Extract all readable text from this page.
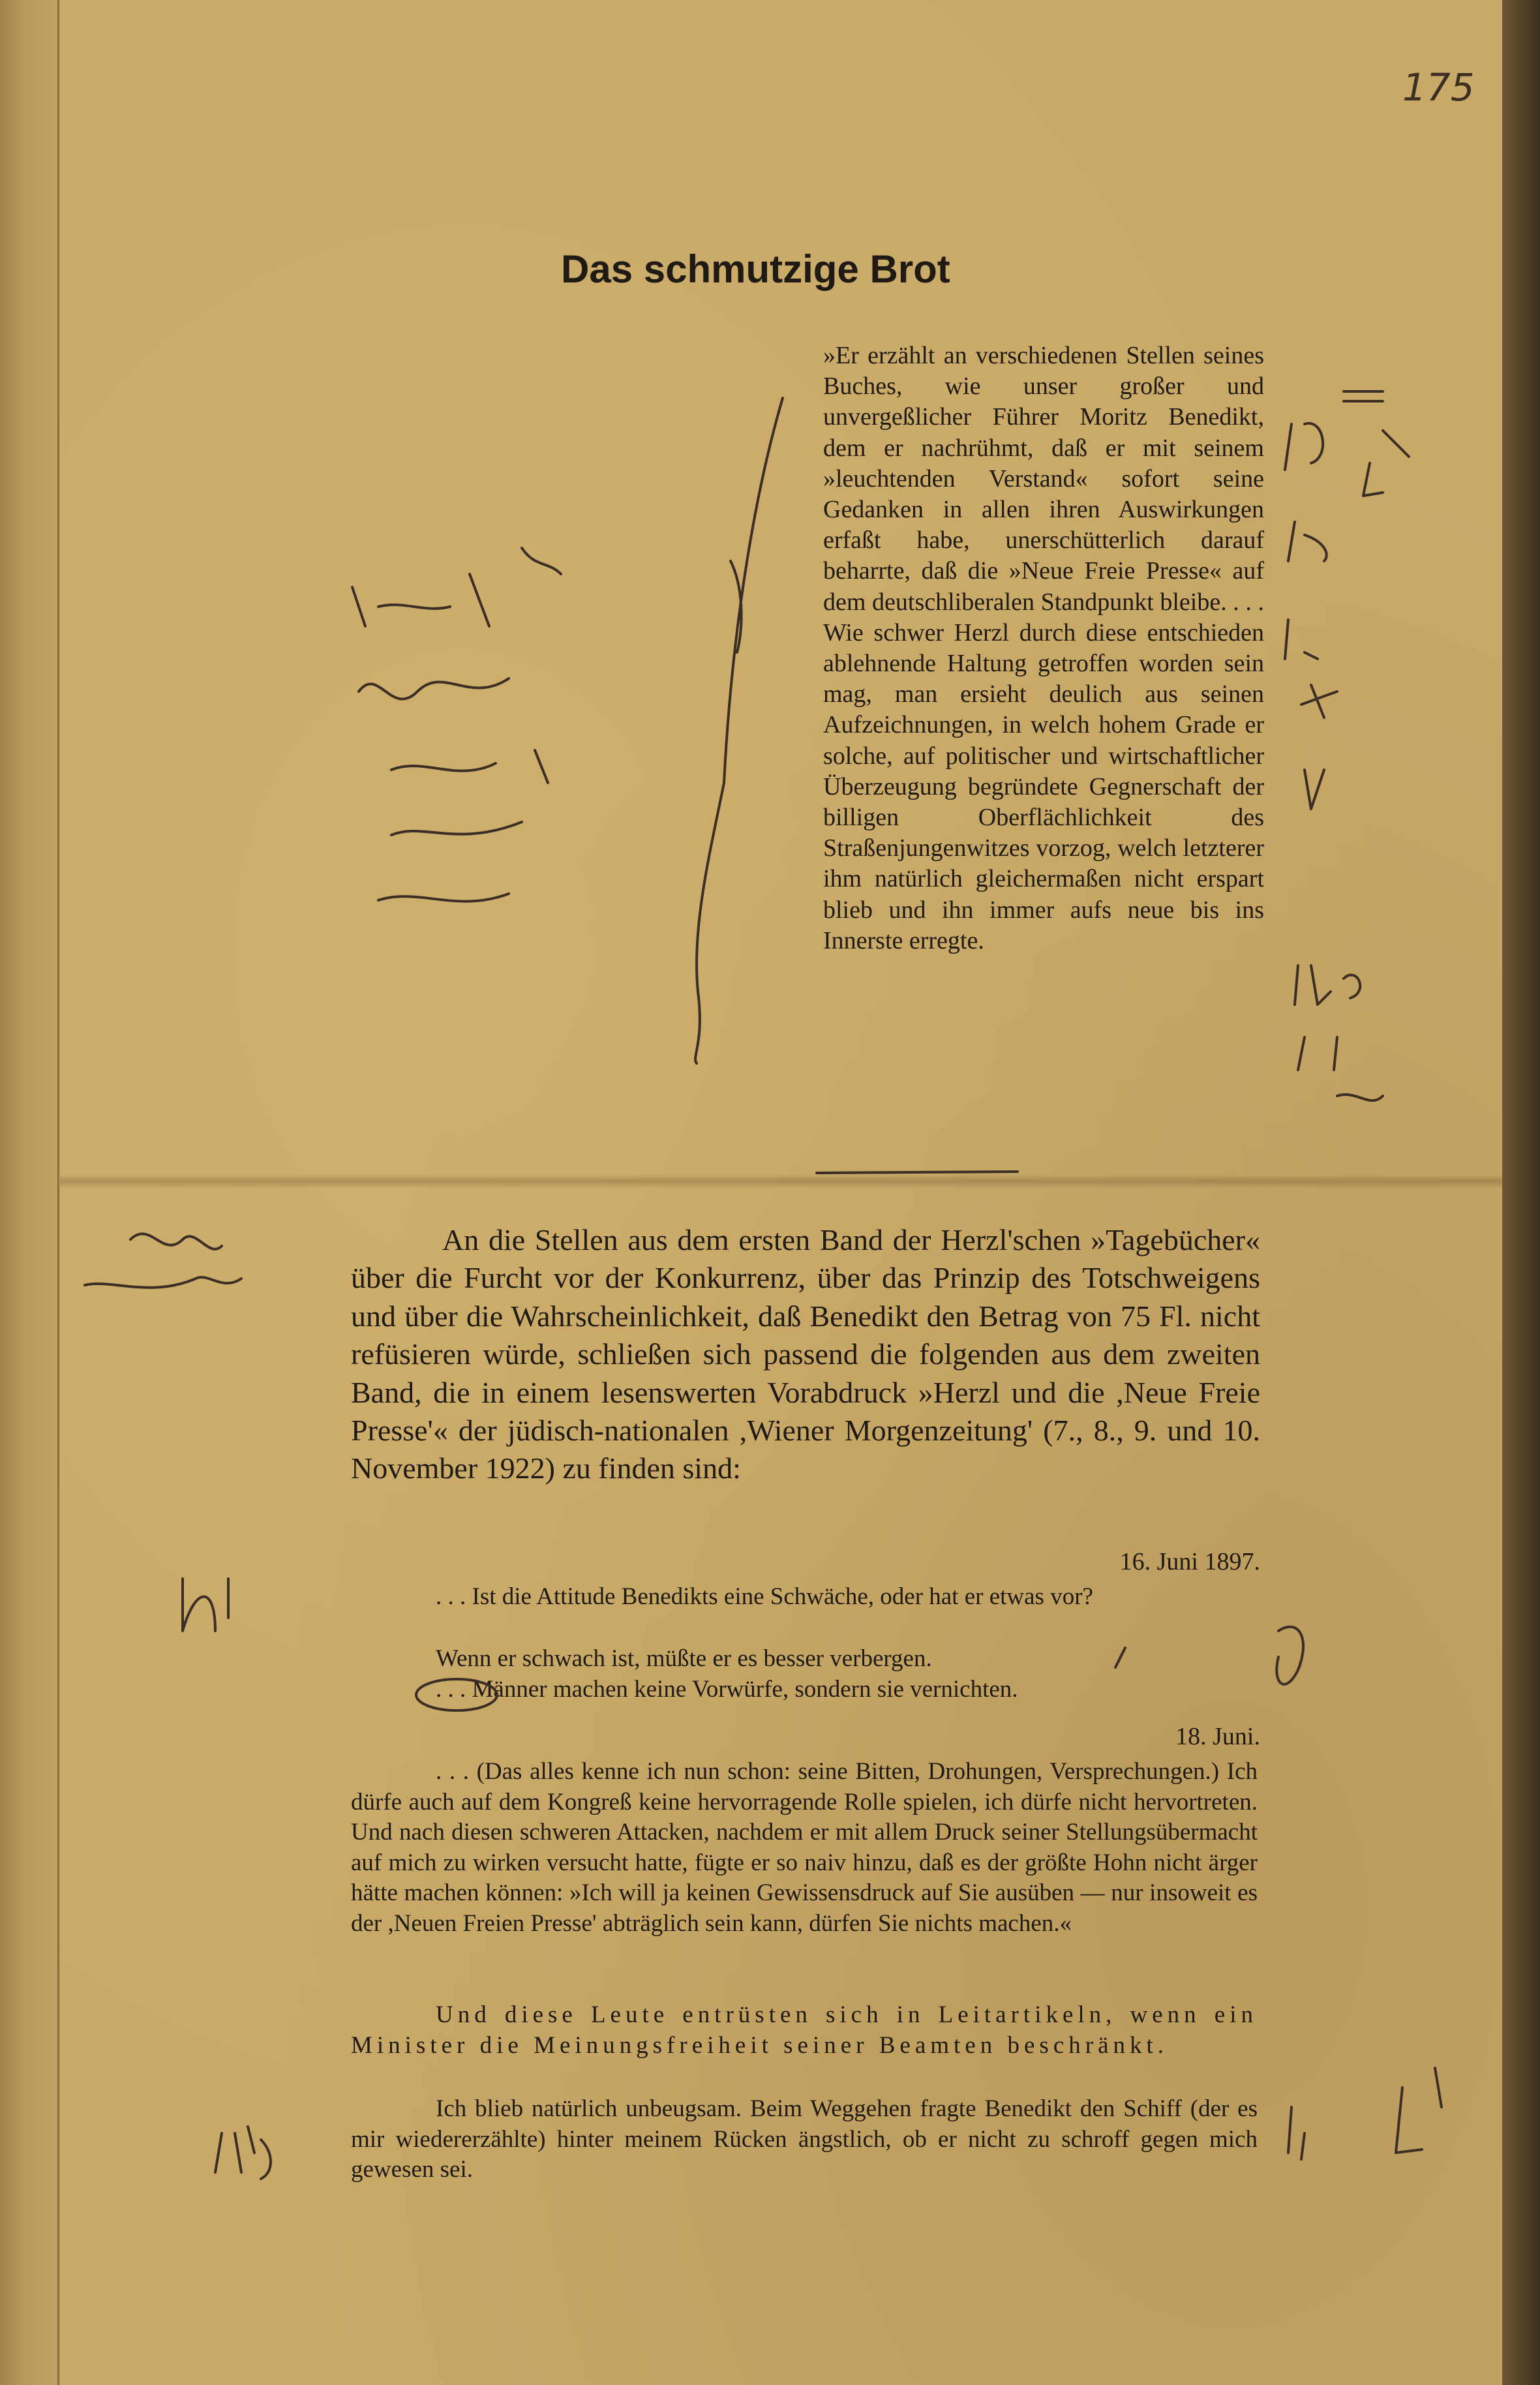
175
Das schmutzige Brot

»Er erzählt an verschiedenen Stellen seines Buches, wie unser großer und unvergeßlicher Führer Moritz Benedikt, dem er nachrühmt, daß er mit seinem »leuchtenden Verstand« sofort seine Gedanken in allen ihren Auswirkungen erfaßt habe, unerschütterlich darauf beharrte, daß die »Neue Freie Presse« auf dem deutschliberalen Standpunkt bleibe. . . . Wie schwer Herzl durch diese entschieden ablehnende Haltung getroffen worden sein mag, man ersieht deulich aus seinen Aufzeichnungen, in welch hohem Grade er solche, auf politischer und wirtschaftlicher Überzeugung begründete Gegnerschaft der billigen Oberflächlichkeit des Straßenjungenwitzes vorzog, welch letzterer ihm natürlich gleichermaßen nicht erspart blieb und ihn immer aufs neue bis ins Innerste erregte.

An die Stellen aus dem ersten Band der Herzl'schen »Tagebücher« über die Furcht vor der Konkurrenz, über das Prinzip des Totschweigens und über die Wahrscheinlichkeit, daß Benedikt den Betrag von 75 Fl. nicht refüsieren würde, schließen sich passend die folgenden aus dem zweiten Band, die in einem lesenswerten Vorabdruck »Herzl und die ,Neue Freie Presse'« der jüdisch-nationalen ,Wiener Morgenzeitung' (7., 8., 9. und 10. November 1922) zu finden sind:

16. Juni 1897.

. . . Ist die Attitude Benedikts eine Schwäche, oder hat er etwas vor?

Wenn er schwach ist, müßte er es besser verbergen.

. . . Männer machen keine Vorwürfe, sondern sie vernichten.

18. Juni.

. . . (Das alles kenne ich nun schon: seine Bitten, Drohungen, Versprechungen.) Ich dürfe auch auf dem Kongreß keine hervorragende Rolle spielen, ich dürfe nicht hervortreten. Und nach diesen schweren Attacken, nachdem er mit allem Druck seiner Stellungsübermacht auf mich zu wirken versucht hatte, fügte er so naiv hinzu, daß es der größte Hohn nicht ärger hätte machen können: »Ich will ja keinen Gewissensdruck auf Sie ausüben — nur insoweit es der ,Neuen Freien Presse' abträglich sein kann, dürfen Sie nichts machen.«

Und diese Leute entrüsten sich in Leitartikeln, wenn ein Minister die Meinungsfreiheit seiner Beamten beschränkt.

Ich blieb natürlich unbeugsam. Beim Weggehen fragte Benedikt den Schiff (der es mir wiedererzählte) hinter meinem Rücken ängstlich, ob er nicht zu schroff gegen mich gewesen sei.
